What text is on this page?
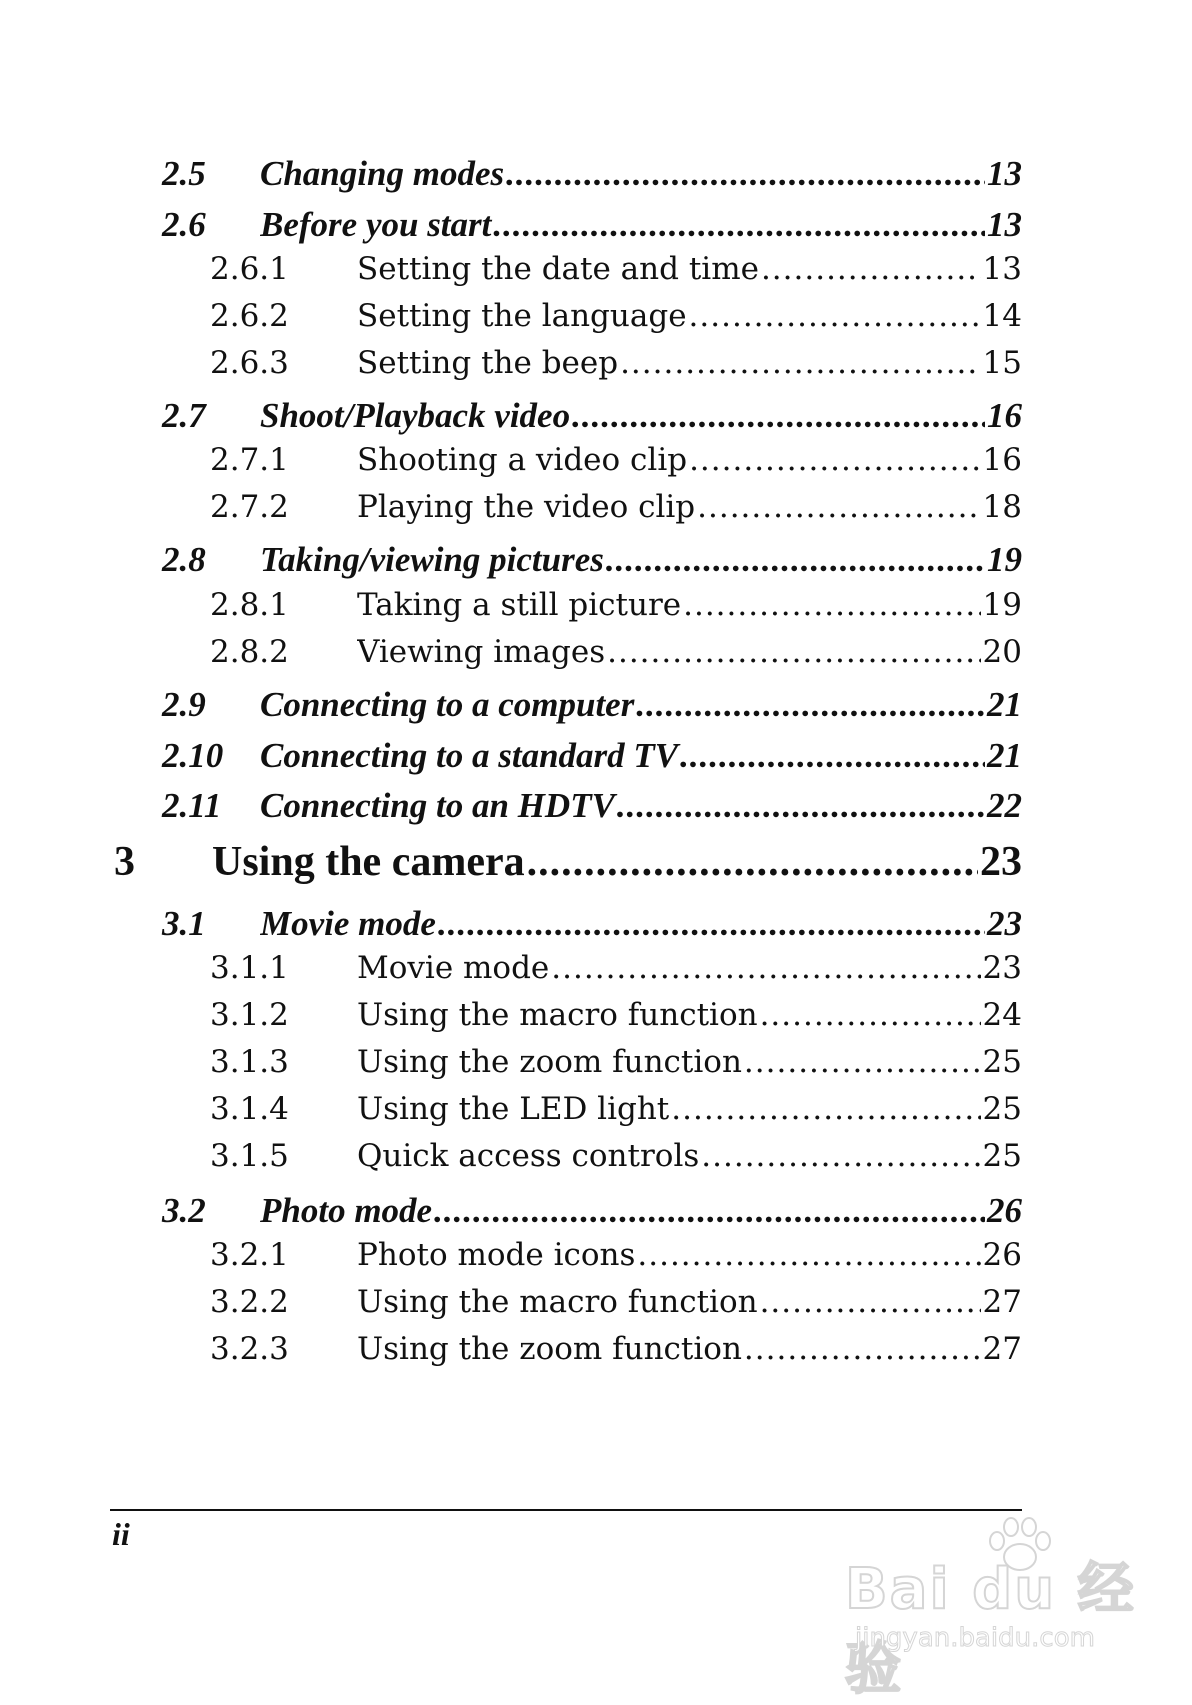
2.5 Changing modes .....	13
2.6 Before you start .....	13
2.6.1 Setting the date and time .....	13
2.6.2 Setting the language .....	14
2.6.3 Setting the beep .....	15
2.7 Shoot/Playback video .....	16
2.7.1 Shooting a video clip .....	16
2.7.2 Playing the video clip .....	18
2.8 Taking/viewing pictures .....	19
2.8.1 Taking a still picture .....	19
2.8.2 Viewing images .....	20
2.9 Connecting to a computer .....	21
2.10 Connecting to a standard TV .....	21
2.11 Connecting to an HDTV .....	22
3 Using the camera .....	23
3.1 Movie mode .....	23
3.1.1 Movie mode .....	23
3.1.2 Using the macro function .....	24
3.1.3 Using the zoom function .....	25
3.1.4 Using the LED light .....	25
3.1.5 Quick access controls .....	25
3.2 Photo mode .....	26
3.2.1 Photo mode icons .....	26
3.2.2 Using the macro function .....	27
3.2.3 Using the zoom function .....	27
ii
Bai du 经验
jingyan.baidu.com
